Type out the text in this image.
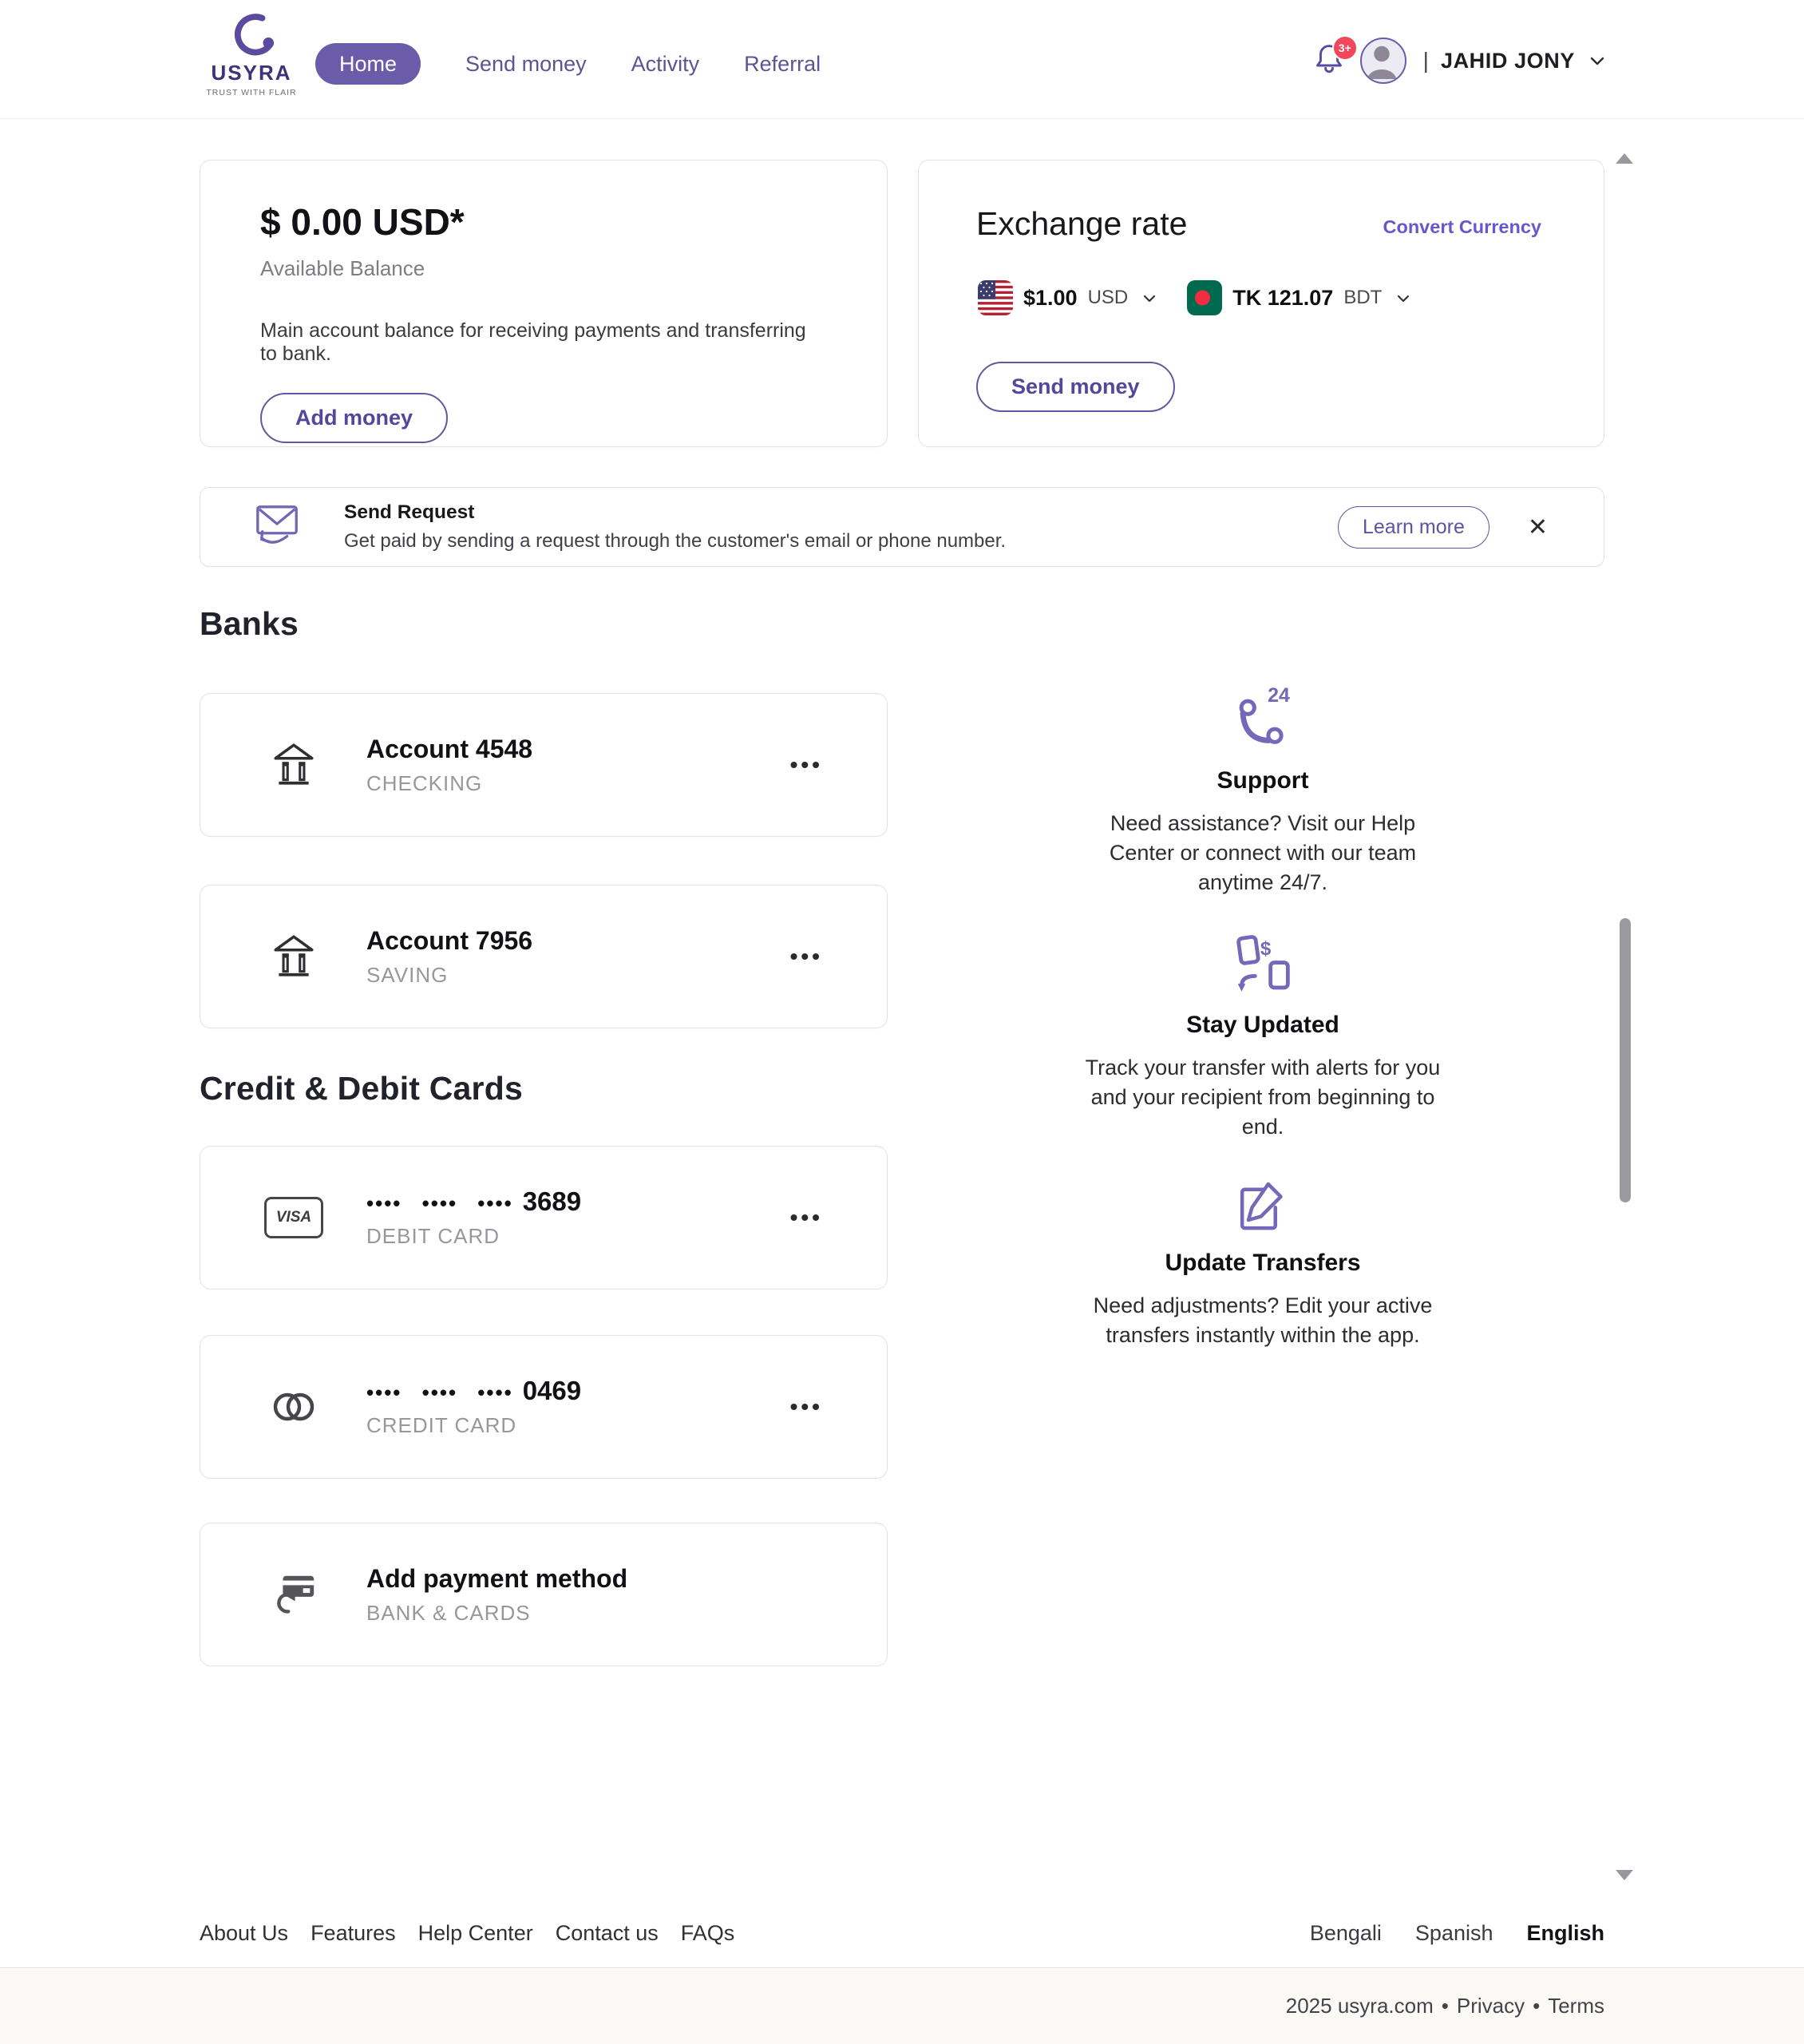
USYRA
TRUST WITH FLAIR
Home	Send money Activity Referral
3+	| JAHID JONY
$ 0.00 USD*
Available Balance
Main account balance for receiving payments and transferring to bank.
Add money
Exchange rate	Convert Currency
$1.00 USD	TK 121.07 BDT
Send money
Send Request
Get paid by sending a request through the customer's email or phone number.
Learn more	✕
Banks
Account 4548
CHECKING
•••
Account 7956
SAVING
•••
Credit & Debit Cards
VISA
•••• •••• •••• 3689
DEBIT CARD
•••
•••• •••• •••• 0469
CREDIT CARD
•••
Add payment method
BANK & CARDS
24
Support
Need assistance? Visit our Help Center or connect with our team anytime 24/7.
$
Stay Updated
Track your transfer with alerts for you and your recipient from beginning to end.
Update Transfers
Need adjustments? Edit your active transfers instantly within the app.
About Us Features Help Center Contact us FAQs	Bengali Spanish English
2025 usyra.com • Privacy • Terms
